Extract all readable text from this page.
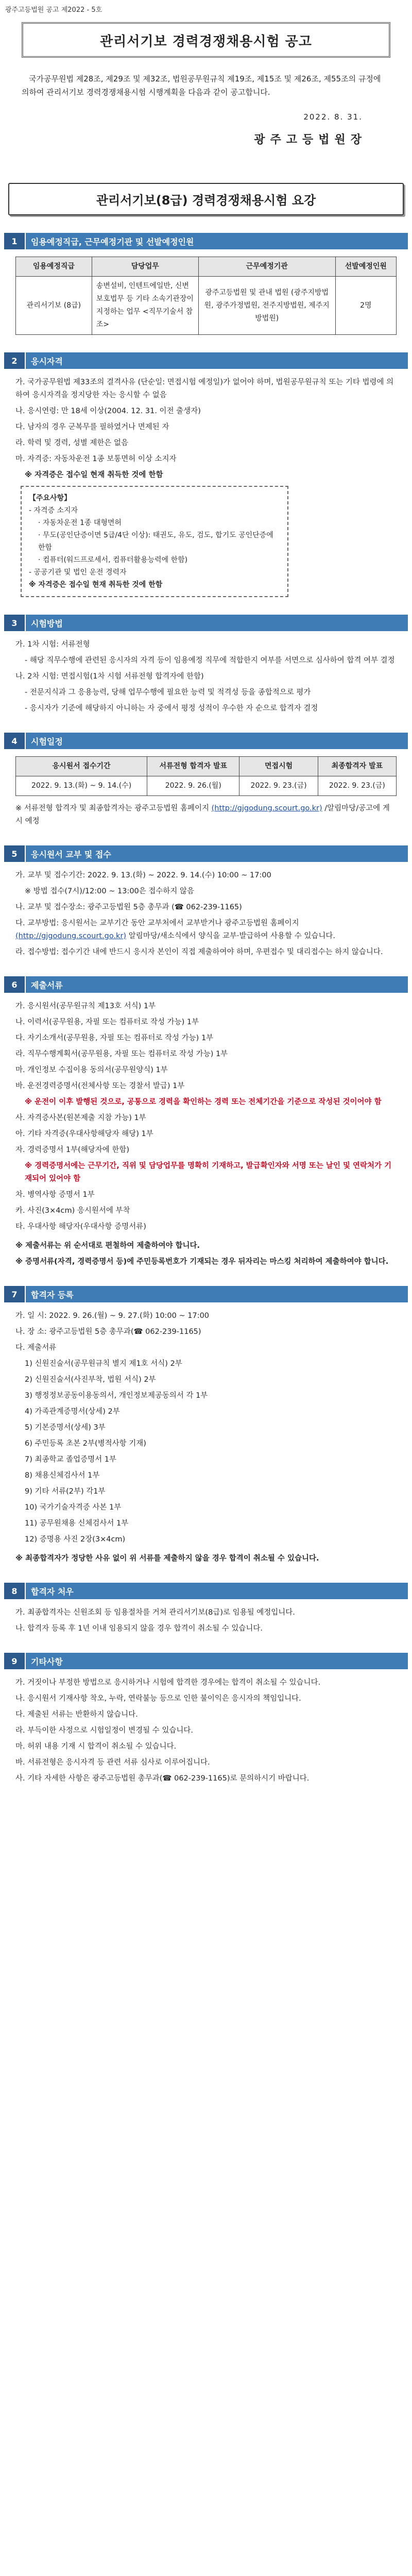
광주고등법원 공고 제2022 - 5호
관리서기보 경력경쟁채용시험 공고
국가공무원법 제28조, 제29조 및 제32조, 법원공무원규칙 제19조, 제15조 및 제26조, 제55조의 규정에 의하여 관리서기보 경력경쟁채용시험 시행계획을 다음과 같이 공고합니다.
2022. 8. 31.
광주고등법원장
관리서기보(8급) 경력경쟁채용시험 요강
1	임용예정직급, 근무예정기관 및 선발예정인원
임용예정직급	담당업무	근무예정기관	선발예정인원
관리서기보 (8급)	송변설비, 인텐트에일반, 신변보호법무 등 기타 소속기관장이 지정하는 업무 <직무기술서 참조>	광주고등법원 및 관내 법원 (광주지방법원, 광주가정법원, 전주지방법원, 제주지방법원)	2명
2	응시자격

가. 국가공무원법 제33조의 결격사유 (단순일: 면접시험 예정일)가 없어야 하며, 법원공무원규칙 또는 기타 법령에 의하여 응시자격을 정지당한 자는 응시할 수 없음

나. 응시연령: 만 18세 이상(2004. 12. 31. 이전 출생자)

다. 남자의 경우 군복무를 필하였거나 면제된 자

라. 학력 및 경력, 성별 제한은 없음

마. 자격증: 자동차운전 1종 보통면허 이상 소지자

※ 자격증은 접수일 현재 취득한 것에 한함

【주요사항】
- 자격증 소지자
· 자동차운전 1종 대형면허
· 무도(공인단증이면 5급/4단 이상): 태권도, 유도, 검도, 합기도 공인단증에 한함
· 컴퓨터(워드프로세서, 컴퓨터활용능력에 한함)
- 공공기관 및 법인 운전 경력자
※ 자격증은 접수일 현재 취득한 것에 한함
3	시험방법

가. 1차 시험: 서류전형

- 해당 직무수행에 관련된 응시자의 자격 등이 임용예정 직무에 적합한지 여부를 서면으로 심사하여 합격 여부 결정

나. 2차 시험: 면접시험(1차 시험 서류전형 합격자에 한함)

- 전문지식과 그 응용능력, 당해 업무수행에 필요한 능력 및 적격성 등을 종합적으로 평가

- 응시자가 기준에 해당하지 아니하는 자 중에서 평정 성적이 우수한 자 순으로 합격자 결정

4	시험일정
응시원서 접수기간	서류전형 합격자 발표	면접시험	최종합격자 발표
2022. 9. 13.(화) ~ 9. 14.(수)	2022. 9. 26.(월)	2022. 9. 23.(금)	2022. 9. 23.(금)

※ 서류전형 합격자 및 최종합격자는 광주고등법원 홈페이지 (http://gjgodung.scourt.go.kr) /알림마당/공고에 게시 예정

5	응시원서 교부 및 접수

가. 교부 및 접수기간: 2022. 9. 13.(화) ~ 2022. 9. 14.(수) 10:00 ~ 17:00

※ 방법 접수(7시)/12:00 ~ 13:00은 접수하지 않음

나. 교부 및 접수장소: 광주고등법원 5층 총무과 (☎ 062-239-1165)

다. 교부방법: 응시원서는 교부기간 동안 교부처에서 교부받거나 광주고등법원 홈페이지 (http://gjgodung.scourt.go.kr) 알림마당/새소식에서 양식을 교부·발급하여 사용할 수 있습니다.

라. 접수방법: 접수기간 내에 반드시 응시자 본인이 직접 제출하여야 하며, 우편접수 및 대리접수는 하지 않습니다.

6	제출서류

가. 응시원서(공무원규칙 제13호 서식) 1부

나. 이력서(공무원용, 자필 또는 컴퓨터로 작성 가능) 1부

다. 자기소개서(공무원용, 자필 또는 컴퓨터로 작성 가능) 1부

라. 직무수행계획서(공무원용, 자필 또는 컴퓨터로 작성 가능) 1부

마. 개인정보 수집이용 동의서(공무원양식) 1부

바. 운전경력증명서(전체사항 또는 경찰서 발급) 1부

※ 운전이 이후 발행된 것으로, 공통으로 경력을 확인하는 경력 또는 전체기간을 기준으로 작성된 것이어야 함

사. 자격증사본(원본제출 지참 가능) 1부

아. 기타 자격증(우대사항해당자 해당) 1부

자. 경력증명서 1부(해당자에 한함)

※ 경력증명서에는 근무기간, 직위 및 담당업무를 명확히 기재하고, 발급확인자와 서명 또는 날인 및 연락처가 기재되어 있어야 함

차. 병역사항 증명서 1부

카. 사진(3×4cm) 응시원서에 부착

타. 우대사항 해당자(우대사항 증명서류)

※ 제출서류는 위 순서대로 편철하여 제출하여야 합니다.

※ 증명서류(자격, 경력증명서 등)에 주민등록번호가 기재되는 경우 뒤자리는 마스킹 처리하여 제출하여야 합니다.

7	합격자 등록

가. 일 시: 2022. 9. 26.(월) ~ 9. 27.(화) 10:00 ~ 17:00

나. 장 소: 광주고등법원 5층 총무과(☎ 062-239-1165)

다. 제출서류

1) 신원진술서(공무원규칙 별지 제1호 서식) 2부

2) 신원진술서(사진부착, 법원 서식) 2부

3) 행정정보공동이용동의서, 개인정보제공동의서 각 1부

4) 가족관계증명서(상세) 2부

5) 기본증명서(상세) 3부

6) 주민등록 초본 2부(병적사항 기재)

7) 최종학교 졸업증명서 1부

8) 채용신체검사서 1부

9) 기타 서류(2부) 각1부

10) 국가기술자격증 사본 1부

11) 공무원채용 신체검사서 1부

12) 증명용 사진 2장(3×4cm)

※ 최종합격자가 정당한 사유 없이 위 서류를 제출하지 않을 경우 합격이 취소될 수 있습니다.

8	합격자 처우

가. 최종합격자는 신원조회 등 임용절차를 거쳐 관리서기보(8급)로 임용될 예정입니다.

나. 합격자 등록 후 1년 이내 임용되지 않을 경우 합격이 취소될 수 있습니다.

9	기타사항

가. 거짓이나 부정한 방법으로 응시하거나 시험에 합격한 경우에는 합격이 취소될 수 있습니다.

나. 응시원서 기재사항 착오, 누락, 연락불능 등으로 인한 불이익은 응시자의 책임입니다.

다. 제출된 서류는 반환하지 않습니다.

라. 부득이한 사정으로 시험일정이 변경될 수 있습니다.

마. 허위 내용 기재 시 합격이 취소될 수 있습니다.

바. 서류전형은 응시자격 등 관련 서류 심사로 이루어집니다.

사. 기타 자세한 사항은 광주고등법원 총무과(☎ 062-239-1165)로 문의하시기 바랍니다.
